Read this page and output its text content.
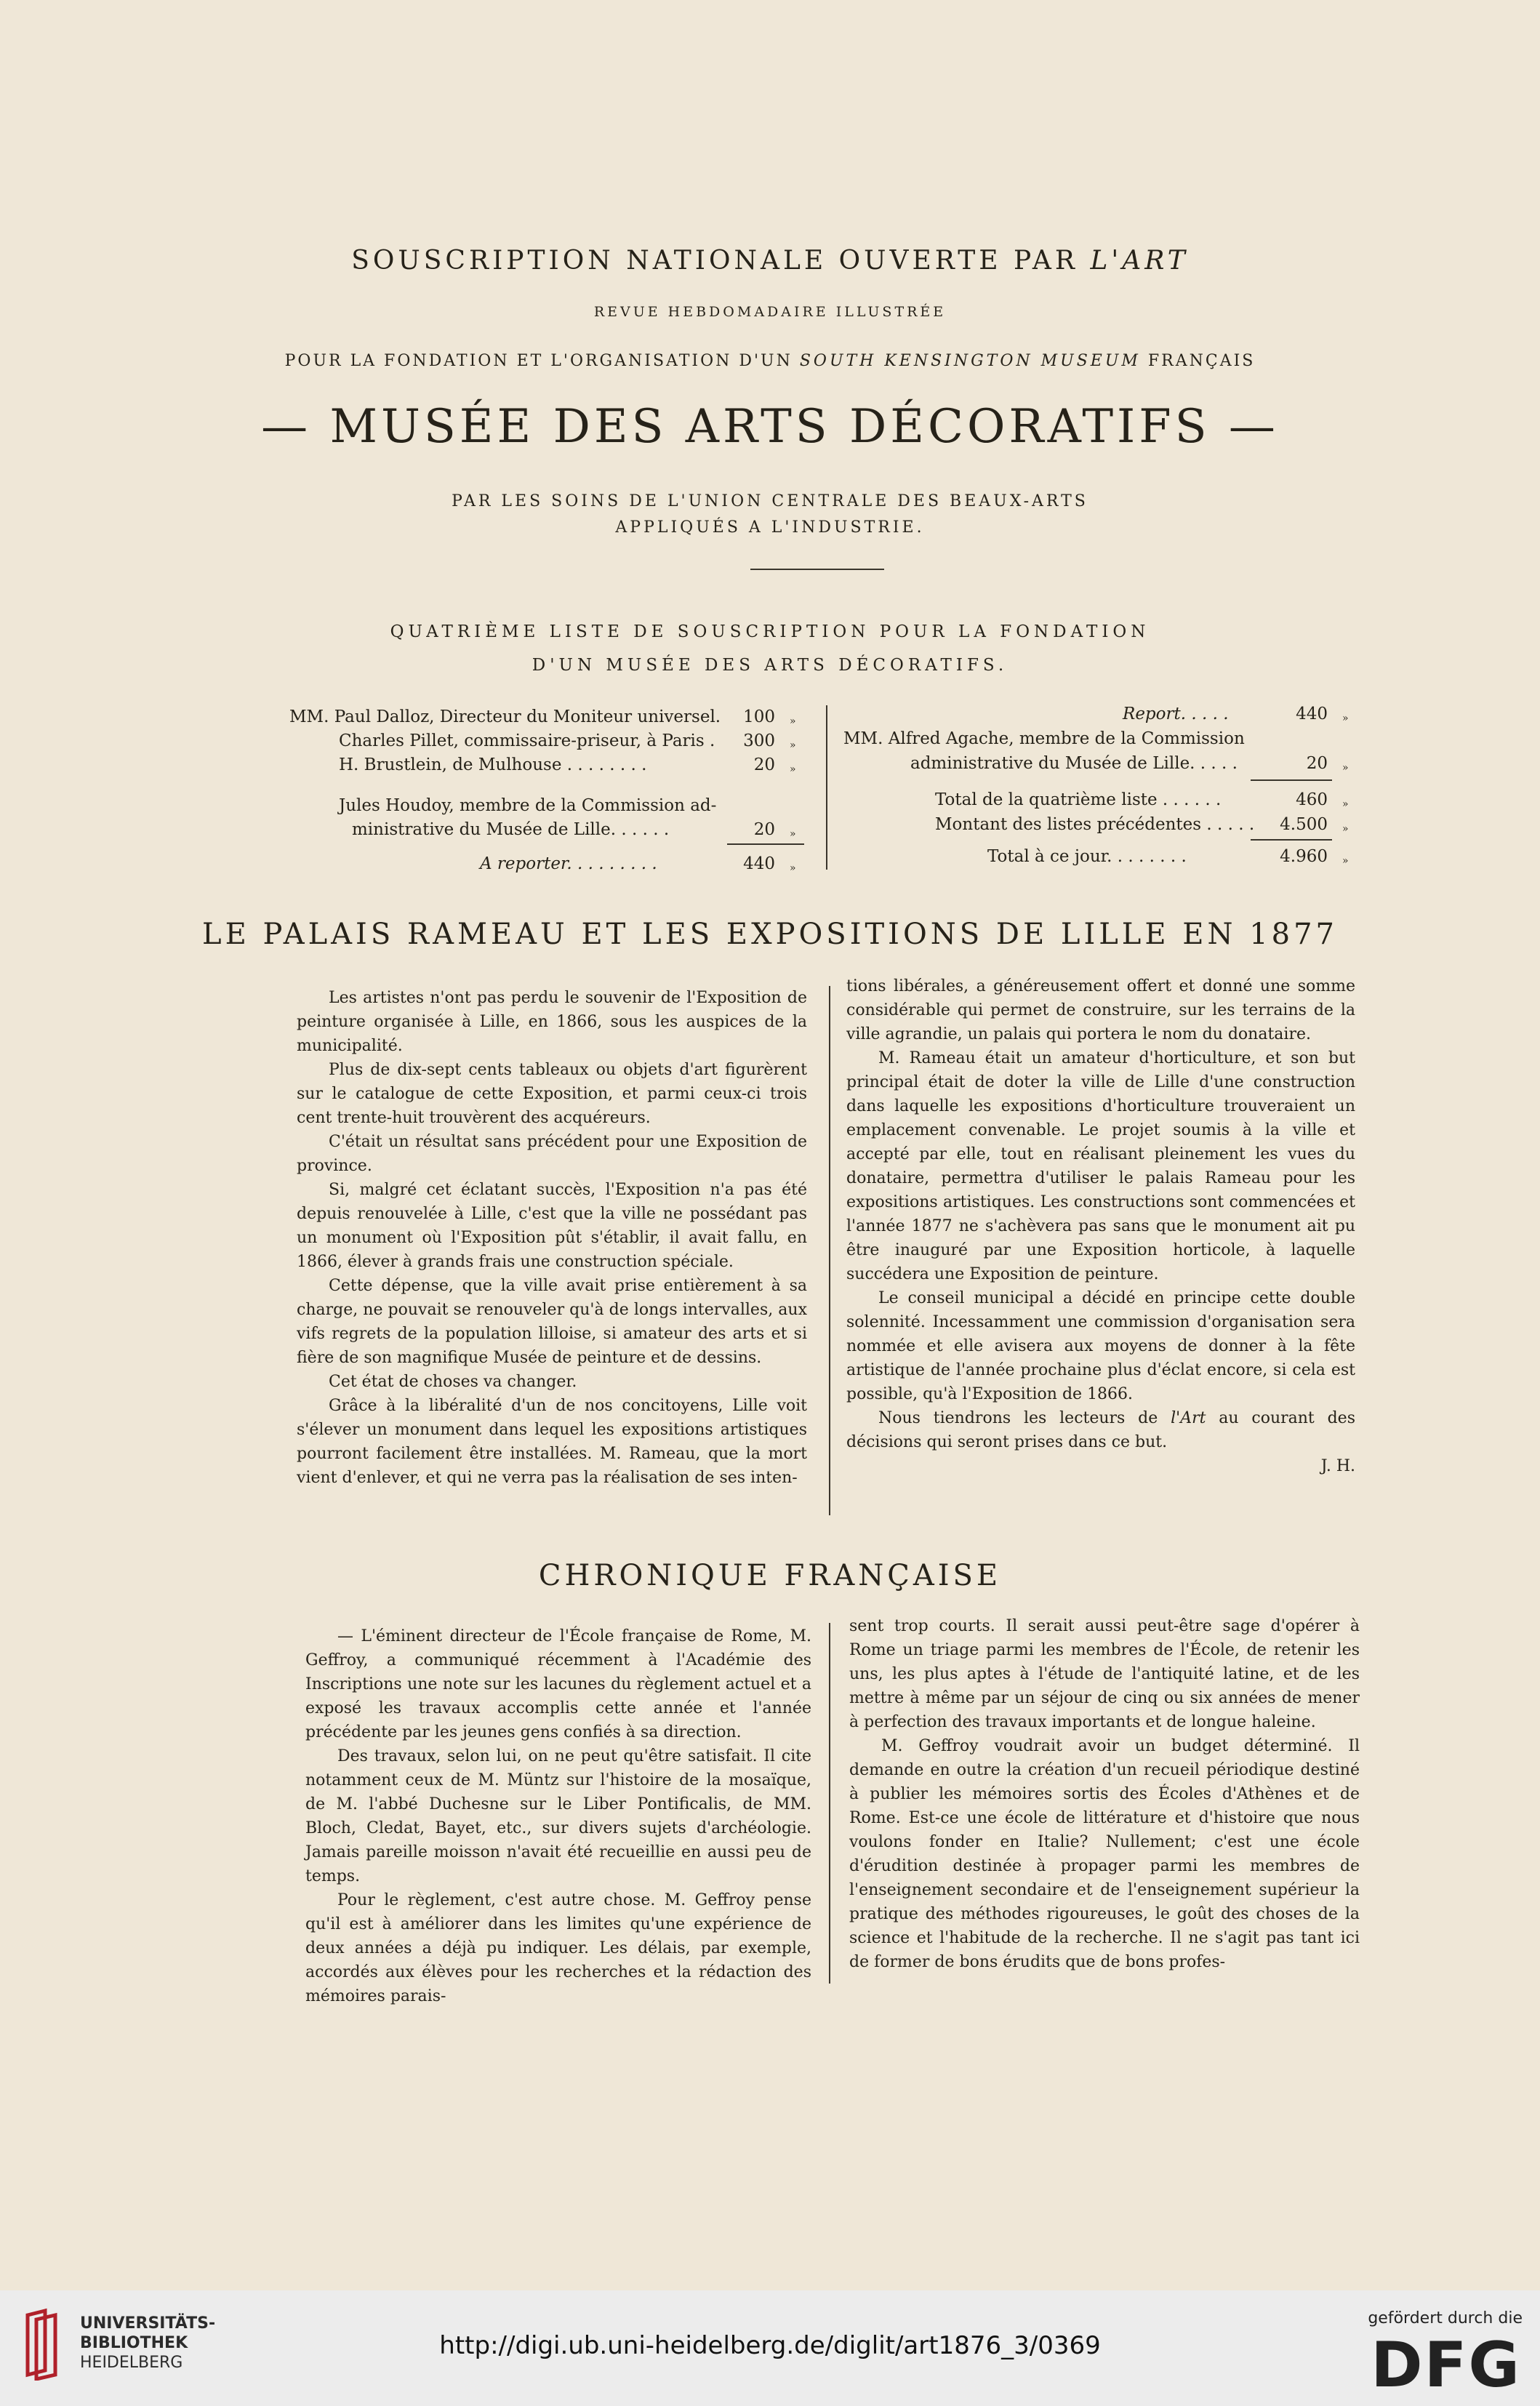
SOUSCRIPTION NATIONALE OUVERTE PAR L'ART
REVUE HEBDOMADAIRE ILLUSTRÉE
POUR LA FONDATION ET L'ORGANISATION D'UN SOUTH KENSINGTON MUSEUM FRANÇAIS
— MUSÉE DES ARTS DÉCORATIFS —
PAR LES SOINS DE L'UNION CENTRALE DES BEAUX-ARTS
APPLIQUÉS A L'INDUSTRIE.
QUATRIÈME LISTE DE SOUSCRIPTION POUR LA FONDATION
D'UN MUSÉE DES ARTS DÉCORATIFS.
MM. Paul Dalloz, Directeur du Moniteur universel.	100 »
Charles Pillet, commissaire-priseur, à Paris .	300 »
H. Brustlein, de Mulhouse . . . . . . . .	20 »
Jules Houdoy, membre de la Commission ad-
ministrative du Musée de Lille. . . . . .	20 »
A reporter. . . . . . . . .	440 »
Report. . . . .	440 »
MM. Alfred Agache, membre de la Commission
administrative du Musée de Lille. . . . .	20 »
Total de la quatrième liste . . . . . .	460 »
Montant des listes précédentes . . . . .	4.500 »
Total à ce jour. . . . . . . .	4.960 »
LE PALAIS RAMEAU ET LES EXPOSITIONS DE LILLE EN 1877

Les artistes n'ont pas perdu le souvenir de l'Exposition de peinture organisée à Lille, en 1866, sous les auspices de la municipalité.

Plus de dix-sept cents tableaux ou objets d'art figurèrent sur le catalogue de cette Exposition, et parmi ceux-ci trois cent trente-huit trouvèrent des acquéreurs.

C'était un résultat sans précédent pour une Exposition de province.

Si, malgré cet éclatant succès, l'Exposition n'a pas été depuis renouvelée à Lille, c'est que la ville ne possédant pas un monument où l'Exposition pût s'établir, il avait fallu, en 1866, élever à grands frais une construction spéciale.

Cette dépense, que la ville avait prise entièrement à sa charge, ne pouvait se renouveler qu'à de longs intervalles, aux vifs regrets de la population lilloise, si amateur des arts et si fière de son magnifique Musée de peinture et de dessins.

Cet état de choses va changer.

Grâce à la libéralité d'un de nos concitoyens, Lille voit s'élever un monument dans lequel les expositions artistiques pourront facilement être installées. M. Rameau, que la mort vient d'enlever, et qui ne verra pas la réalisation de ses inten-

tions libérales, a généreusement offert et donné une somme considérable qui permet de construire, sur les terrains de la ville agrandie, un palais qui portera le nom du donataire.

M. Rameau était un amateur d'horticulture, et son but principal était de doter la ville de Lille d'une construction dans laquelle les expositions d'horticulture trouveraient un emplacement convenable. Le projet soumis à la ville et accepté par elle, tout en réalisant pleinement les vues du donataire, permettra d'utiliser le palais Rameau pour les expositions artistiques. Les constructions sont commencées et l'année 1877 ne s'achèvera pas sans que le monument ait pu être inauguré par une Exposition horticole, à laquelle succédera une Exposition de peinture.

Le conseil municipal a décidé en principe cette double solennité. Incessamment une commission d'organisation sera nommée et elle avisera aux moyens de donner à la fête artistique de l'année prochaine plus d'éclat encore, si cela est possible, qu'à l'Exposition de 1866.

Nous tiendrons les lecteurs de l'Art au courant des décisions qui seront prises dans ce but.

J. H.
CHRONIQUE FRANÇAISE

— L'éminent directeur de l'École française de Rome, M. Geffroy, a communiqué récemment à l'Académie des Inscriptions une note sur les lacunes du règlement actuel et a exposé les travaux accomplis cette année et l'année précédente par les jeunes gens confiés à sa direction.

Des travaux, selon lui, on ne peut qu'être satisfait. Il cite notamment ceux de M. Müntz sur l'histoire de la mosaïque, de M. l'abbé Duchesne sur le Liber Pontificalis, de MM. Bloch, Cledat, Bayet, etc., sur divers sujets d'archéologie. Jamais pareille moisson n'avait été recueillie en aussi peu de temps.

Pour le règlement, c'est autre chose. M. Geffroy pense qu'il est à améliorer dans les limites qu'une expérience de deux années a déjà pu indiquer. Les délais, par exemple, accordés aux élèves pour les recherches et la rédaction des mémoires parais-

sent trop courts. Il serait aussi peut-être sage d'opérer à Rome un triage parmi les membres de l'École, de retenir les uns, les plus aptes à l'étude de l'antiquité latine, et de les mettre à même par un séjour de cinq ou six années de mener à perfection des travaux importants et de longue haleine.

M. Geffroy voudrait avoir un budget déterminé. Il demande en outre la création d'un recueil périodique destiné à publier les mémoires sortis des Écoles d'Athènes et de Rome. Est-ce une école de littérature et d'histoire que nous voulons fonder en Italie? Nullement; c'est une école d'érudition destinée à propager parmi les membres de l'enseignement secondaire et de l'enseignement supérieur la pratique des méthodes rigoureuses, le goût des choses de la science et l'habitude de la recherche. Il ne s'agit pas tant ici de former de bons érudits que de bons profes-

UNIVERSITÄTS-
BIBLIOTHEK
HEIDELBERG
http://digi.ub.uni-heidelberg.de/diglit/art1876_3/0369
gefördert durch die
DFG
